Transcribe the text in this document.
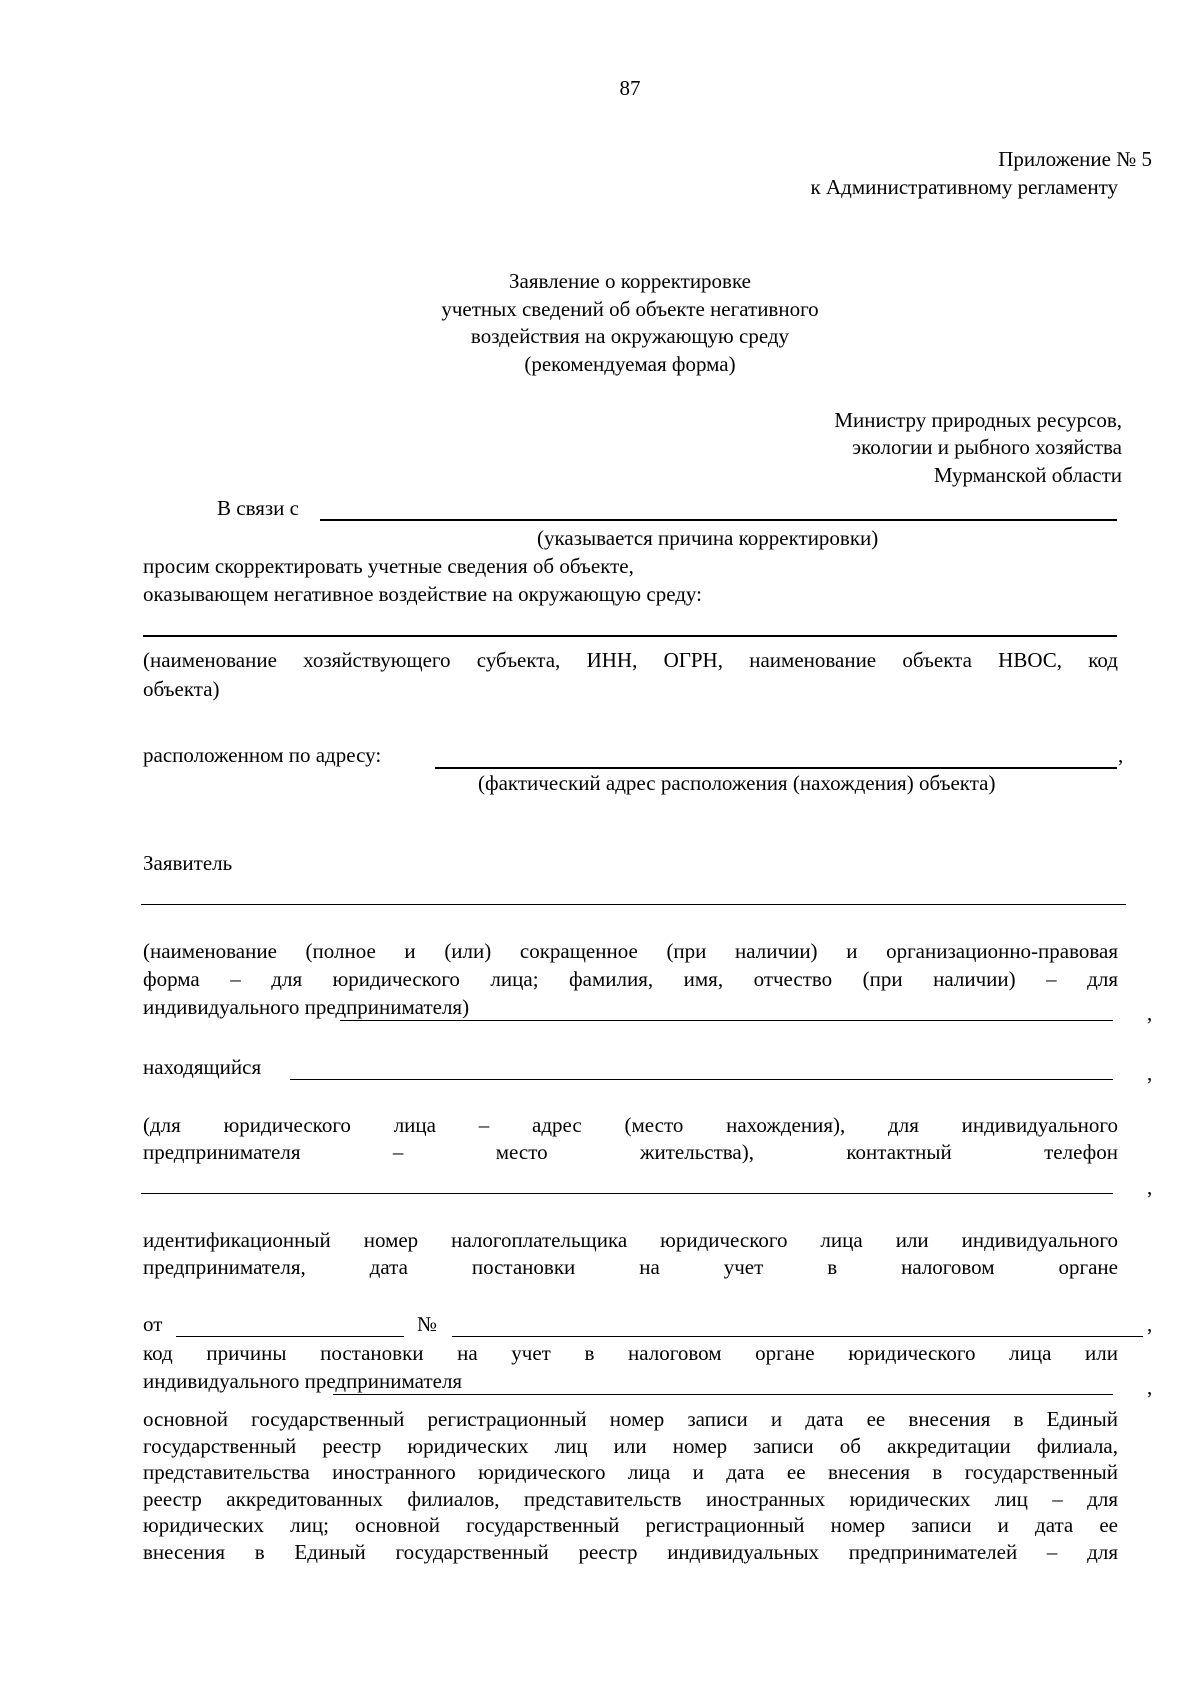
87
Приложение № 5
к Административному регламенту
Заявление о корректировке
учетных сведений об объекте негативного
воздействия на окружающую среду
(рекомендуемая форма)
Министру природных ресурсов,
экологии и рыбного хозяйства
Мурманской области
В связи с
(указывается причина корректировки)
просим скорректировать учетные сведения об объекте,
оказывающем негативное воздействие на окружающую среду:
(наименование хозяйствующего субъекта, ИНН, ОГРН, наименование объекта НВОС, код
объекта)
расположенном по адресу:	,
(фактический адрес расположения (нахождения) объекта)
Заявитель
(наименование (полное и (или) сокращенное (при наличии) и организационно-правовая
форма – для юридического лица; фамилия, имя, отчество (при наличии) – для
индивидуального предпринимателя)	,
находящийся	,
(для юридического лица – адрес (место нахождения), для индивидуального
предпринимателя – место жительства), контактный телефон
,
идентификационный номер налогоплательщика юридического лица или индивидуального
предпринимателя, дата постановки на учет в налоговом органе
от	№	,
код причины постановки на учет в налоговом органе юридического лица или
индивидуального предпринимателя	,
основной государственный регистрационный номер записи и дата ее внесения в Единый
государственный реестр юридических лиц или номер записи об аккредитации филиала,
представительства иностранного юридического лица и дата ее внесения в государственный
реестр аккредитованных филиалов, представительств иностранных юридических лиц – для
юридических лиц; основной государственный регистрационный номер записи и дата ее
внесения в Единый государственный реестр индивидуальных предпринимателей – для
